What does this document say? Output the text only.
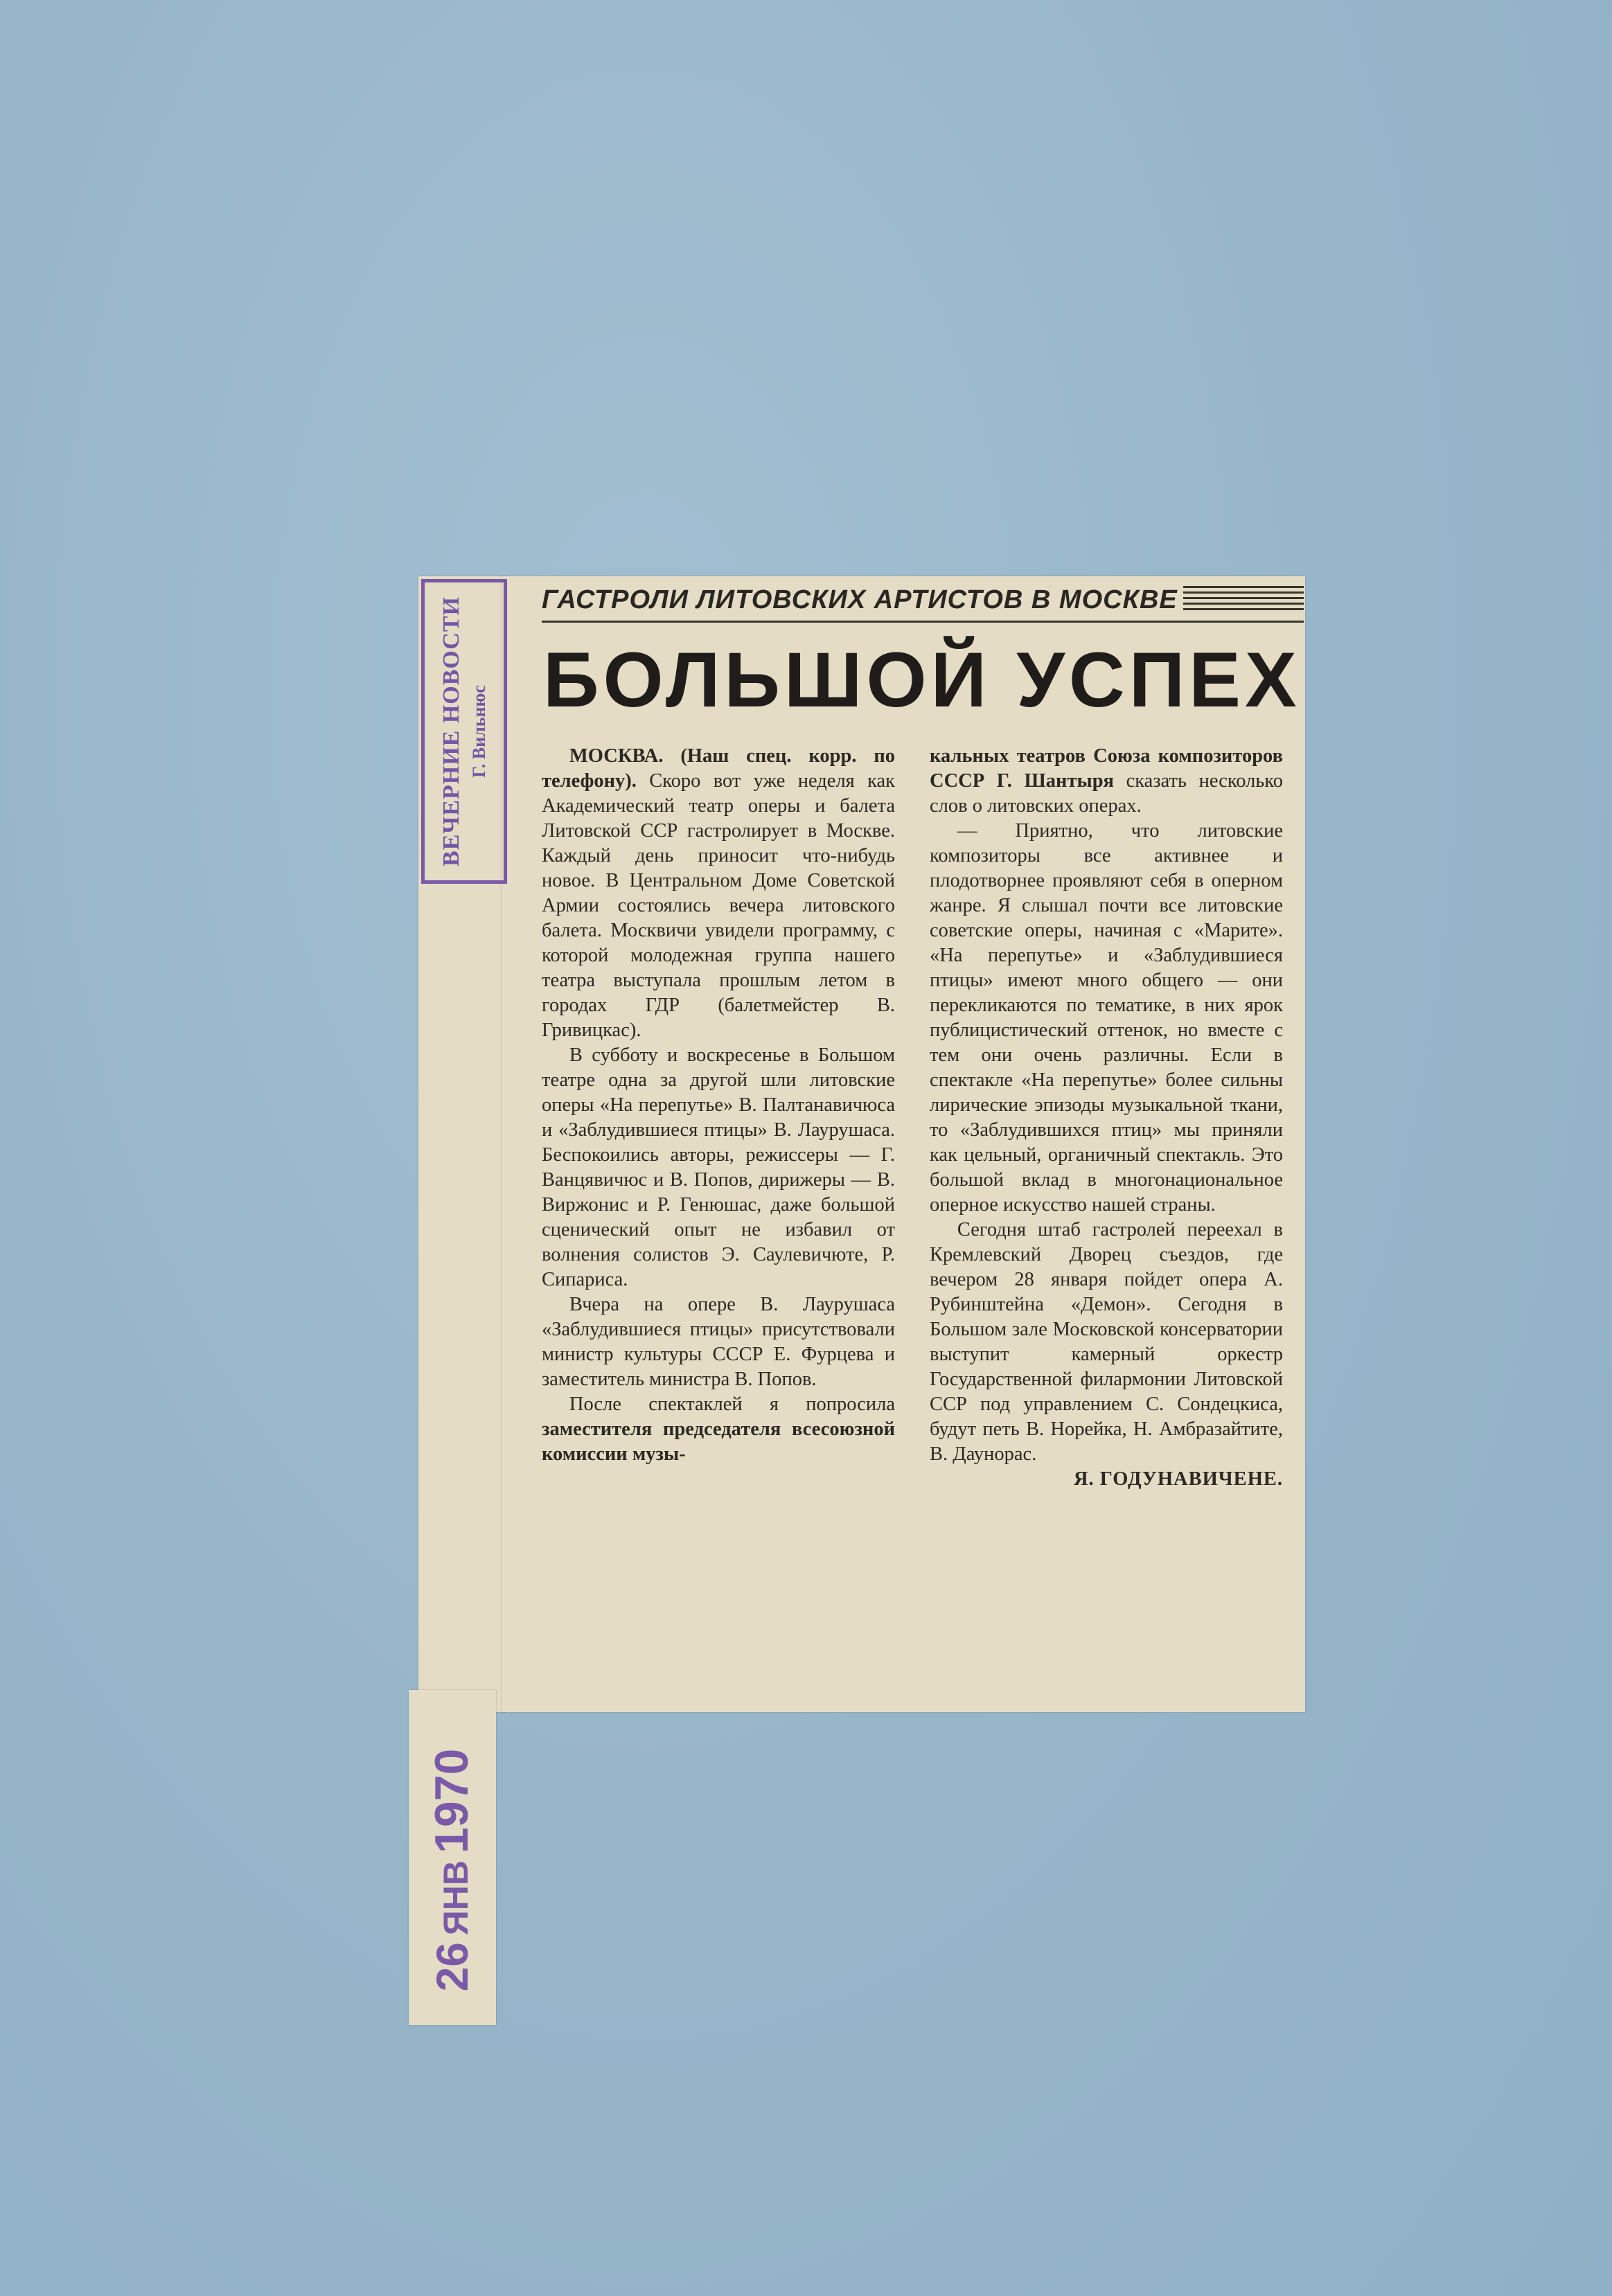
ВЕЧЕРНИЕ НОВОСТИ Г. Вильнюс
26ЯНВ1970
ГАСТРОЛИ ЛИТОВСКИХ АРТИСТОВ В МОСКВЕ
БОЛЬШОЙ УСПЕХ

МОСКВА. (Наш спец. корр. по телефону). Скоро вот уже неделя как Академический театр оперы и балета Литовской ССР гастролирует в Москве. Каждый день приносит что-нибудь новое. В Центральном Доме Советской Армии состоялись вечера литовского балета. Москвичи увидели программу, с которой молодежная группа нашего театра выступала прошлым летом в городах ГДР (балетмейстер В. Гривицкас).

В субботу и воскресенье в Большом театре одна за другой шли литовские оперы «На перепутье» В. Палтанавичюса и «Заблудившиеся птицы» В. Лаурушаса. Беспокоились авторы, режиссеры — Г. Ванцявичюс и В. Попов, дирижеры — В. Виржонис и Р. Генюшас, даже большой сценический опыт не избавил от волнения солистов Э. Саулевичюте, Р. Сипариса.

Вчера на опере В. Лаурушаса «Заблудившиеся птицы» присутствовали министр культуры СССР Е. Фурцева и заместитель министра В. Попов.

После спектаклей я попросила заместителя председателя всесоюзной комиссии музы-

кальных театров Союза композиторов СССР Г. Шантыря сказать несколько слов о литовских операх.

— Приятно, что литовские композиторы все активнее и плодотворнее проявляют себя в оперном жанре. Я слышал почти все литовские советские оперы, начиная с «Марите». «На перепутье» и «Заблудившиеся птицы» имеют много общего — они перекликаются по тематике, в них ярок публицистический оттенок, но вместе с тем они очень различны. Если в спектакле «На перепутье» более сильны лирические эпизоды музыкальной ткани, то «Заблудившихся птиц» мы приняли как цельный, органичный спектакль. Это большой вклад в многонациональное оперное искусство нашей страны.

Сегодня штаб гастролей переехал в Кремлевский Дворец съездов, где вечером 28 января пойдет опера А. Рубинштейна «Демон». Сегодня в Большом зале Московской консерватории выступит камерный оркестр Государственной филармонии Литовской ССР под управлением С. Сондецкиса, будут петь В. Норейка, Н. Амбразайтите, В. Даунорас.

Я. ГОДУНАВИЧЕНЕ.
